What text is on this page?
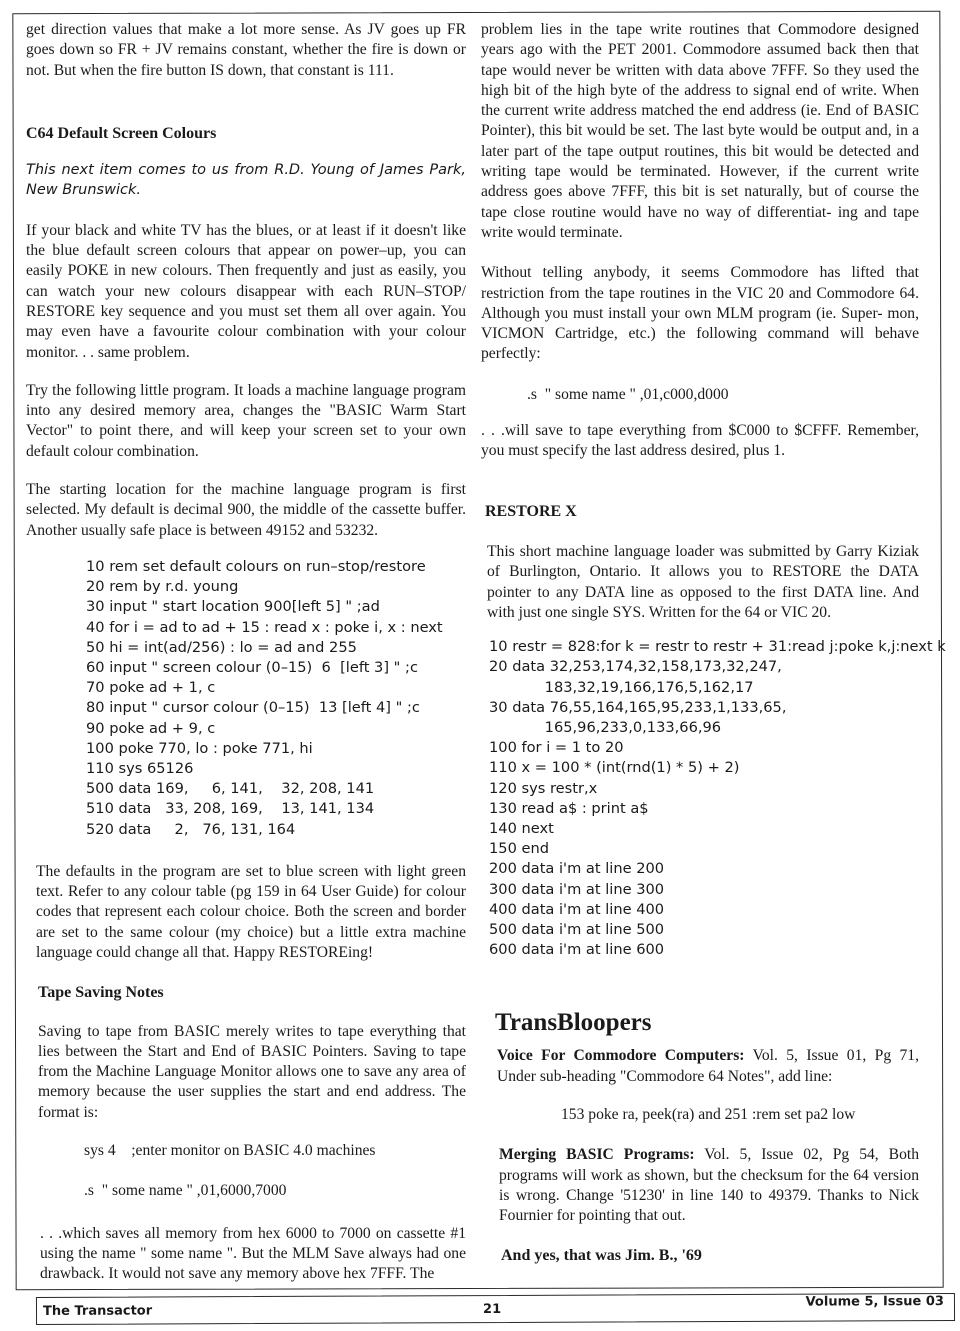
get direction values that make a lot more sense. As JV goes up FR goes down so FR + JV remains constant, whether the fire is down or not. But when the fire button IS down, that constant is 111.

C64 Default Screen Colours

This next item comes to us from R.D. Young of James Park, New Brunswick.

If your black and white TV has the blues, or at least if it doesn't like the blue default screen colours that appear on power–up, you can easily POKE in new colours. Then frequently and just as easily, you can watch your new colours disappear with each RUN–STOP/ RESTORE key sequence and you must set them all over again. You may even have a favourite colour combination with your colour monitor. . . same problem.

Try the following little program. It loads a machine language program into any desired memory area, changes the "BASIC Warm Start Vector" to point there, and will keep your screen set to your own default colour combination.

The starting location for the machine language program is first selected. My default is decimal 900, the middle of the cassette buffer. Another usually safe place is between 49152 and 53232.

10 rem set default colours on run–stop/restore

20 rem by r.d. young

30 input " start location 900[left 5] " ;ad

40 for i = ad to ad + 15 : read x : poke i, x : next

50 hi = int(ad/256) : lo = ad and 255

60 input " screen colour (0–15)  6  [left 3] " ;c

70 poke ad + 1, c

80 input " cursor colour (0–15)  13 [left 4] " ;c

90 poke ad + 9, c

100 poke 770, lo : poke 771, hi

110 sys 65126

500 data 169,     6, 141,    32, 208, 141

510 data   33, 208, 169,    13, 141, 134

520 data     2,   76, 131, 164

The defaults in the program are set to blue screen with light green text. Refer to any colour table (pg 159 in 64 User Guide) for colour codes that represent each colour choice. Both the screen and border are set to the same colour (my choice) but a little extra machine language could change all that. Happy RESTOREing!

Tape Saving Notes

Saving to tape from BASIC merely writes to tape everything that lies between the Start and End of BASIC Pointers. Saving to tape from the Machine Language Monitor allows one to save any area of memory because the user supplies the start and end address. The format is:

sys 4    ;enter monitor on BASIC 4.0 machines

.s  " some name " ,01,6000,7000

. . .which saves all memory from hex 6000 to 7000 on cassette #1 using the name " some name ". But the MLM Save always had one drawback. It would not save any memory above hex 7FFF. The

problem lies in the tape write routines that Commodore designed years ago with the PET 2001. Commodore assumed back then that tape would never be written with data above 7FFF. So they used the high bit of the high byte of the address to signal end of write. When the current write address matched the end address (ie. End of BASIC Pointer), this bit would be set. The last byte would be output and, in a later part of the tape output routines, this bit would be detected and writing tape would be terminated. However, if the current write address goes above 7FFF, this bit is set naturally, but of course the tape close routine would have no way of differentiat- ing and tape write would terminate.

Without telling anybody, it seems Commodore has lifted that restriction from the tape routines in the VIC 20 and Commodore 64. Although you must install your own MLM program (ie. Super- mon, VICMON Cartridge, etc.) the following command will behave perfectly:

.s  " some name " ,01,c000,d000

. . .will save to tape everything from $C000 to $CFFF. Remember, you must specify the last address desired, plus 1.

RESTORE X

This short machine language loader was submitted by Garry Kiziak of Burlington, Ontario. It allows you to RESTORE the DATA pointer to any DATA line as opposed to the first DATA line. And with just one single SYS. Written for the 64 or VIC 20.

10 restr = 828:for k = restr to restr + 31:read j:poke k,j:next k

20 data 32,253,174,32,158,173,32,247,

183,32,19,166,176,5,162,17

30 data 76,55,164,165,95,233,1,133,65,

165,96,233,0,133,66,96

100 for i = 1 to 20

110 x = 100 * (int(rnd(1) * 5) + 2)

120 sys restr,x

130 read a$ : print a$

140 next

150 end

200 data i'm at line 200

300 data i'm at line 300

400 data i'm at line 400

500 data i'm at line 500

600 data i'm at line 600

TransBloopers

Voice For Commodore Computers: Vol. 5, Issue 01, Pg 71, Under sub-heading "Commodore 64 Notes", add line:

153 poke ra, peek(ra) and 251 :rem set pa2 low

Merging BASIC Programs: Vol. 5, Issue 02, Pg 54, Both programs will work as shown, but the checksum for the 64 version is wrong. Change '51230' in line 140 to 49379. Thanks to Nick Fournier for pointing that out.

And yes, that was Jim. B., '69

The Transactor	21	Volume 5, Issue 03
